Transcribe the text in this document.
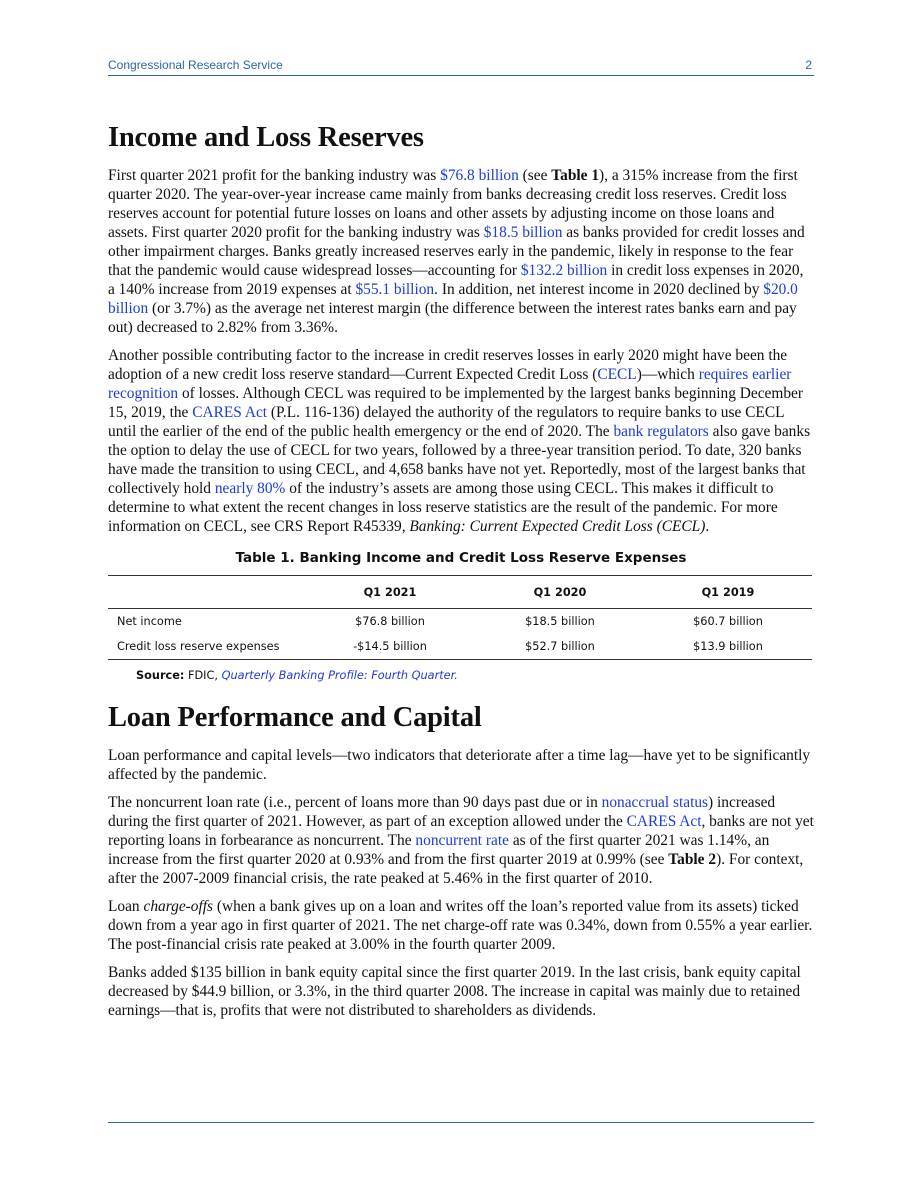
Congressional Research Service	2
Income and Loss Reserves

First quarter 2021 profit for the banking industry was $76.8 billion (see Table 1), a 315% increase from the first quarter 2020. The year-over-year increase came mainly from banks decreasing credit loss reserves. Credit loss reserves account for potential future losses on loans and other assets by adjusting income on those loans and assets. First quarter 2020 profit for the banking industry was $18.5 billion as banks provided for credit losses and other impairment charges. Banks greatly increased reserves early in the pandemic, likely in response to the fear that the pandemic would cause widespread losses—accounting for $132.2 billion in credit loss expenses in 2020, a 140% increase from 2019 expenses at $55.1 billion. In addition, net interest income in 2020 declined by $20.0 billion (or 3.7%) as the average net interest margin (the difference between the interest rates banks earn and pay out) decreased to 2.82% from 3.36%.

Another possible contributing factor to the increase in credit reserves losses in early 2020 might have been the adoption of a new credit loss reserve standard—Current Expected Credit Loss (CECL)—which requires earlier recognition of losses. Although CECL was required to be implemented by the largest banks beginning December 15, 2019, the CARES Act (P.L. 116-136) delayed the authority of the regulators to require banks to use CECL until the earlier of the end of the public health emergency or the end of 2020. The bank regulators also gave banks the option to delay the use of CECL for two years, followed by a three-year transition period. To date, 320 banks have made the transition to using CECL, and 4,658 banks have not yet. Reportedly, most of the largest banks that collectively hold nearly 80% of the industry’s assets are among those using CECL. This makes it difficult to determine to what extent the recent changes in loss reserve statistics are the result of the pandemic. For more information on CECL, see CRS Report R45339, Banking: Current Expected Credit Loss (CECL).

Table 1. Banking Income and Credit Loss Reserve Expenses
	Q1 2021	Q1 2020	Q1 2019
Net income	$76.8 billion	$18.5 billion	$60.7 billion
Credit loss reserve expenses	-$14.5 billion	$52.7 billion	$13.9 billion
Source: FDIC, Quarterly Banking Profile: Fourth Quarter.
Loan Performance and Capital

Loan performance and capital levels—two indicators that deteriorate after a time lag—have yet to be significantly affected by the pandemic.

The noncurrent loan rate (i.e., percent of loans more than 90 days past due or in nonaccrual status) increased during the first quarter of 2021. However, as part of an exception allowed under the CARES Act, banks are not yet reporting loans in forbearance as noncurrent. The noncurrent rate as of the first quarter 2021 was 1.14%, an increase from the first quarter 2020 at 0.93% and from the first quarter 2019 at 0.99% (see Table 2). For context, after the 2007-2009 financial crisis, the rate peaked at 5.46% in the first quarter of 2010.

Loan charge-offs (when a bank gives up on a loan and writes off the loan’s reported value from its assets) ticked down from a year ago in first quarter of 2021. The net charge-off rate was 0.34%, down from 0.55% a year earlier. The post-financial crisis rate peaked at 3.00% in the fourth quarter 2009.

Banks added $135 billion in bank equity capital since the first quarter 2019. In the last crisis, bank equity capital decreased by $44.9 billion, or 3.3%, in the third quarter 2008. The increase in capital was mainly due to retained earnings—that is, profits that were not distributed to shareholders as dividends.
